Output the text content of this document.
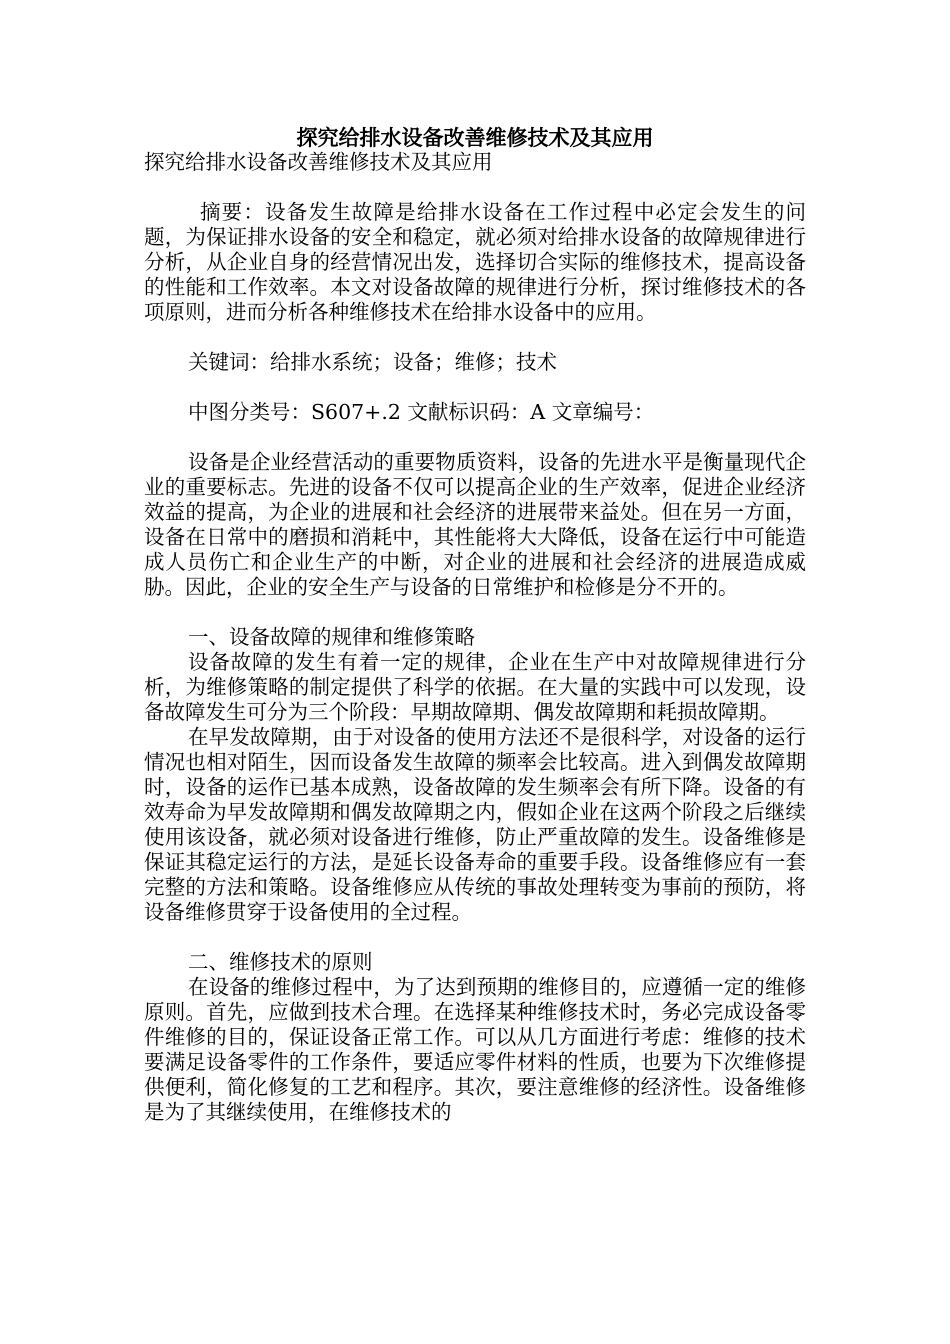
探究给排水设备改善维修技术及其应用

探究给排水设备改善维修技术及其应用

摘要：设备发生故障是给排水设备在工作过程中必定会发生的问题，为保证排水设备的安全和稳定，就必须对给排水设备的故障规律进行分析，从企业自身的经营情况出发，选择切合实际的维修技术，提高设备的性能和工作效率。本文对设备故障的规律进行分析，探讨维修技术的各项原则，进而分析各种维修技术在给排水设备中的应用。

关键词：给排水系统；设备；维修；技术

中图分类号：S607+.2 文献标识码：A 文章编号：

设备是企业经营活动的重要物质资料，设备的先进水平是衡量现代企业的重要标志。先进的设备不仅可以提高企业的生产效率，促进企业经济效益的提高，为企业的进展和社会经济的进展带来益处。但在另一方面，设备在日常中的磨损和消耗中，其性能将大大降低，设备在运行中可能造成人员伤亡和企业生产的中断，对企业的进展和社会经济的进展造成威胁。因此，企业的安全生产与设备的日常维护和检修是分不开的。

一、设备故障的规律和维修策略

设备故障的发生有着一定的规律，企业在生产中对故障规律进行分析，为维修策略的制定提供了科学的依据。在大量的实践中可以发现，设备故障发生可分为三个阶段：早期故障期、偶发故障期和耗损故障期。

在早发故障期，由于对设备的使用方法还不是很科学，对设备的运行情况也相对陌生，因而设备发生故障的频率会比较高。进入到偶发故障期时，设备的运作已基本成熟，设备故障的发生频率会有所下降。设备的有效寿命为早发故障期和偶发故障期之内，假如企业在这两个阶段之后继续使用该设备，就必须对设备进行维修，防止严重故障的发生。设备维修是保证其稳定运行的方法，是延长设备寿命的重要手段。设备维修应有一套完整的方法和策略。设备维修应从传统的事故处理转变为事前的预防，将设备维修贯穿于设备使用的全过程。

二、维修技术的原则

在设备的维修过程中，为了达到预期的维修目的，应遵循一定的维修原则。首先，应做到技术合理。在选择某种维修技术时，务必完成设备零件维修的目的，保证设备正常工作。可以从几方面进行考虑：维修的技术要满足设备零件的工作条件，要适应零件材料的性质，也要为下次维修提供便利，简化修复的工艺和程序。其次，要注意维修的经济性。设备维修是为了其继续使用，在维修技术的
